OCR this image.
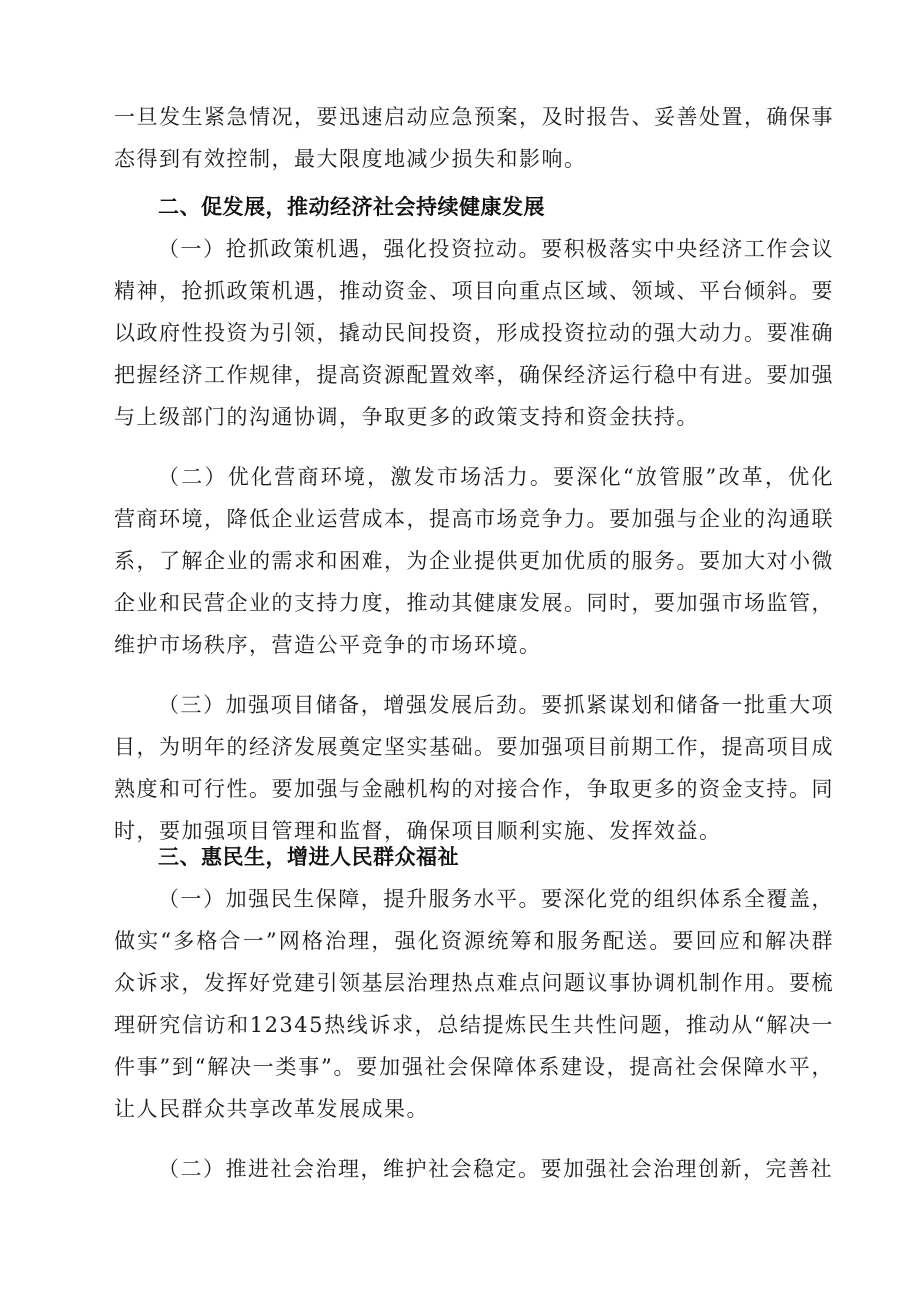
一旦发生紧急情况，要迅速启动应急预案，及时报告、妥善处置，确保事态得到有效控制，最大限度地减少损失和影响。

二、促发展，推动经济社会持续健康发展

（一）抢抓政策机遇，强化投资拉动。要积极落实中央经济工作会议精神，抢抓政策机遇，推动资金、项目向重点区域、领域、平台倾斜。要以政府性投资为引领，撬动民间投资，形成投资拉动的强大动力。要准确把握经济工作规律，提高资源配置效率，确保经济运行稳中有进。要加强与上级部门的沟通协调，争取更多的政策支持和资金扶持。

（二）优化营商环境，激发市场活力。要深化“放管服”改革，优化营商环境，降低企业运营成本，提高市场竞争力。要加强与企业的沟通联系，了解企业的需求和困难，为企业提供更加优质的服务。要加大对小微企业和民营企业的支持力度，推动其健康发展。同时，要加强市场监管，维护市场秩序，营造公平竞争的市场环境。

（三）加强项目储备，增强发展后劲。要抓紧谋划和储备一批重大项目，为明年的经济发展奠定坚实基础。要加强项目前期工作，提高项目成熟度和可行性。要加强与金融机构的对接合作，争取更多的资金支持。同时，要加强项目管理和监督，确保项目顺利实施、发挥效益。

三、惠民生，增进人民群众福祉

（一）加强民生保障，提升服务水平。要深化党的组织体系全覆盖，做实“多格合一”网格治理，强化资源统筹和服务配送。要回应和解决群众诉求，发挥好党建引领基层治理热点难点问题议事协调机制作用。要梳理研究信访和12345热线诉求，总结提炼民生共性问题，推动从“解决一件事”到“解决一类事”。要加强社会保障体系建设，提高社会保障水平，让人民群众共享改革发展成果。

（二）推进社会治理，维护社会稳定。要加强社会治理创新，完善社
